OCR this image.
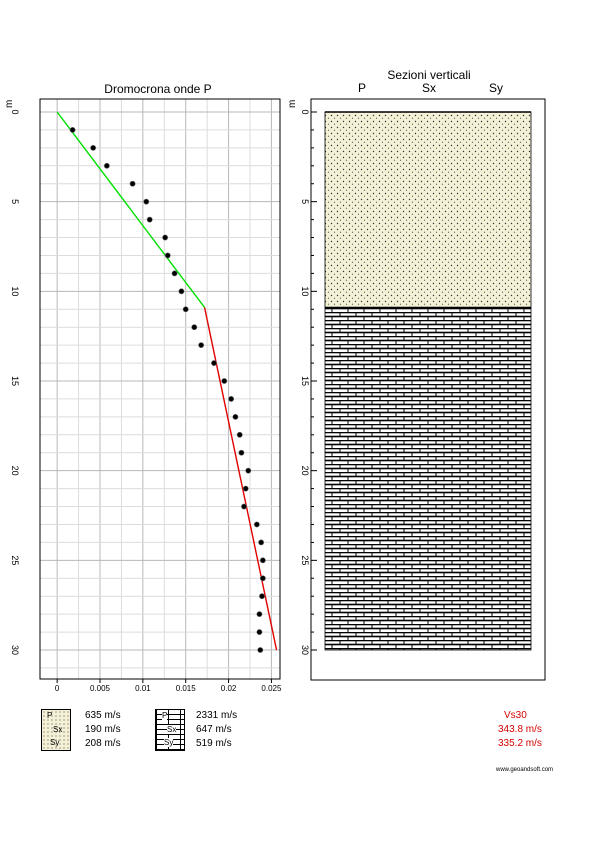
Dromocrona onde P
0	0.005	0.01	0.015	0.02	0.025
0
5
10
15
20
25
30
m
Sezioni verticali
P	Sx	Sy
0
5
10
15
20
25
30
m
P
Sx
Sy
635 m/s
190 m/s
208 m/s
P
Sx
Sy
2331 m/s
647 m/s
519 m/s
Vs30
343.8 m/s
335.2 m/s
www.geoandsoft.com
